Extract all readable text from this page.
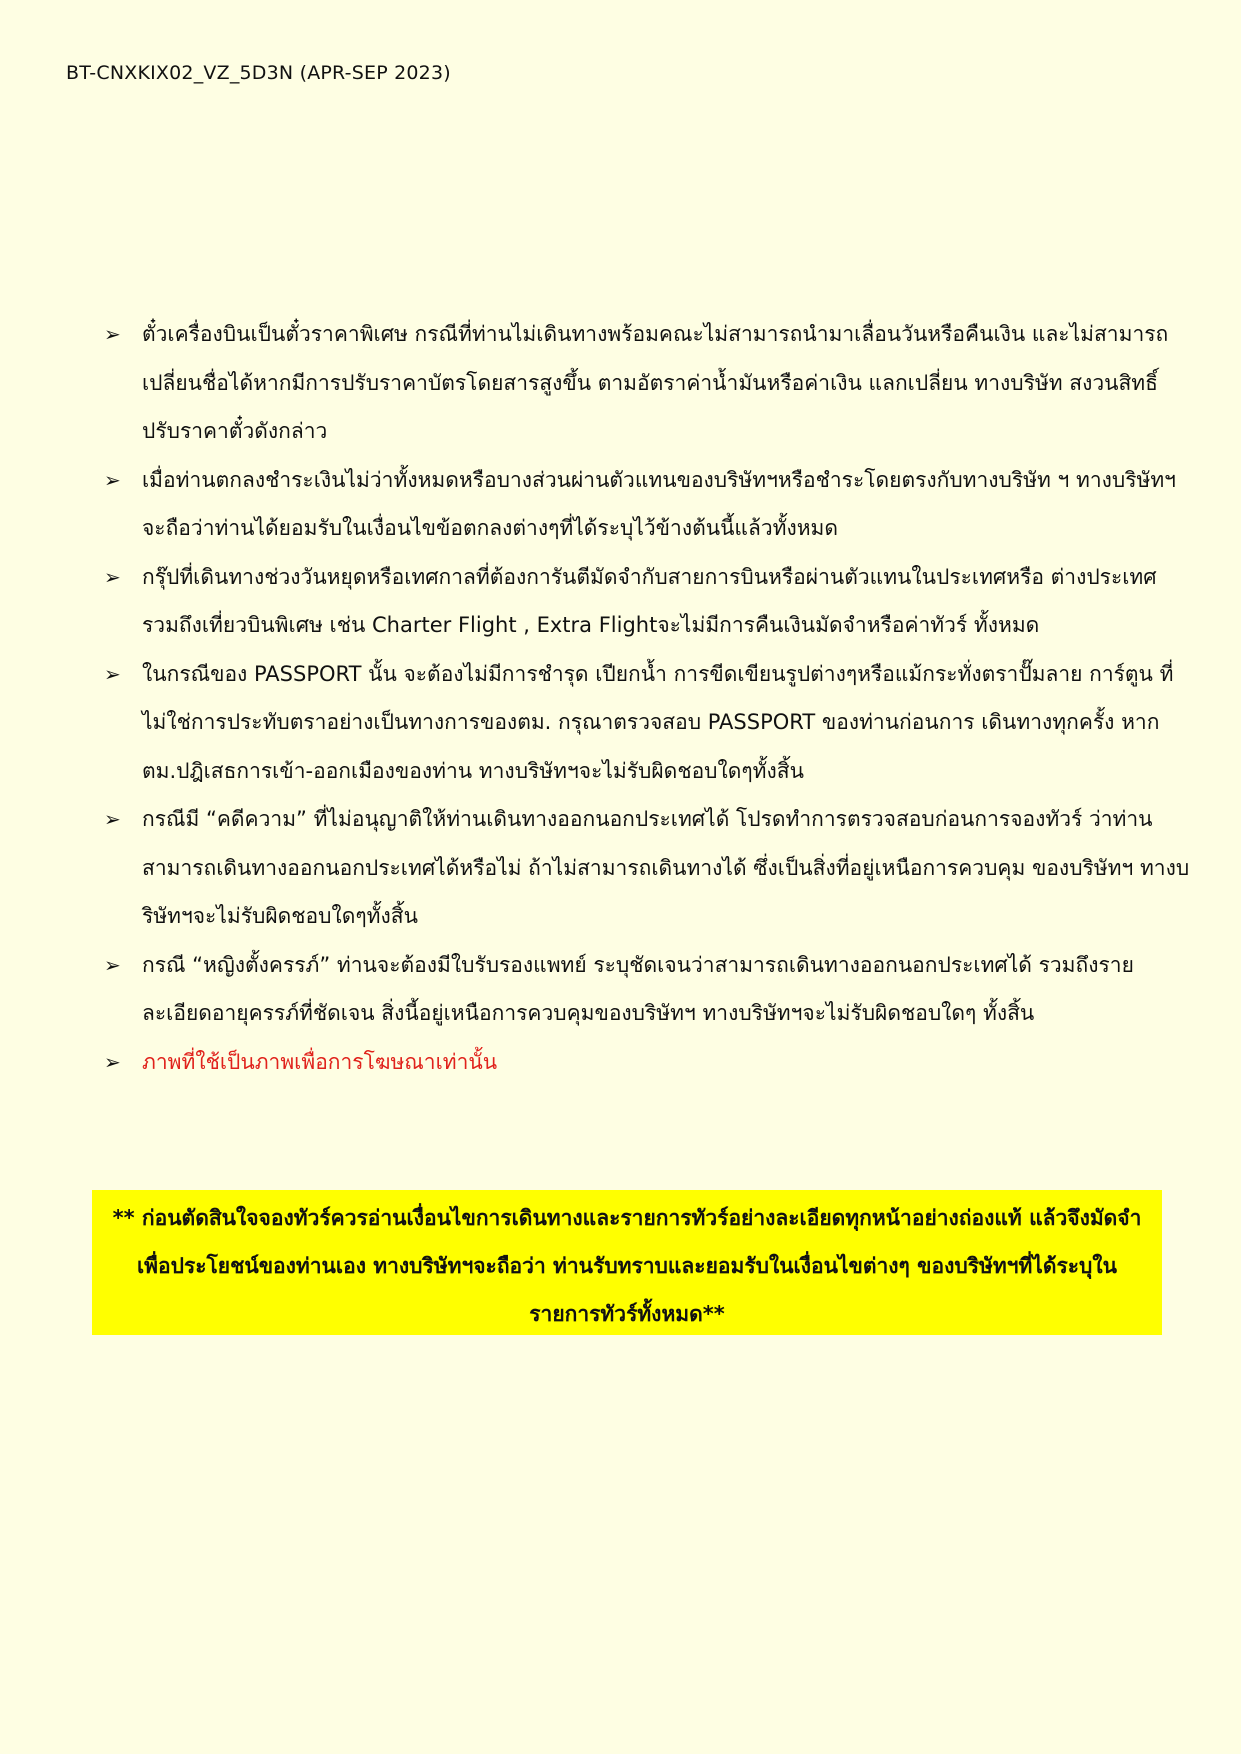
BT-CNXKIX02_VZ_5D3N (APR-SEP 2023)
➢ ตั๋วเครื่องบินเป็นตั๋วราคาพิเศษ กรณีที่ท่านไม่เดินทางพร้อมคณะไม่สามารถนำมาเลื่อนวันหรือคืนเงิน และไม่สามารถเปลี่ยนชื่อได้หากมีการปรับราคาบัตรโดยสารสูงขึ้น ตามอัตราค่าน้ำมันหรือค่าเงิน แลกเปลี่ยน ทางบริษัท สงวนสิทธิ์ปรับราคาตั๋วดังกล่าว
➢ เมื่อท่านตกลงชำระเงินไม่ว่าทั้งหมดหรือบางส่วนผ่านตัวแทนของบริษัทฯหรือชำระโดยตรงกับทางบริษัท ฯ ทางบริษัทฯจะถือว่าท่านได้ยอมรับในเงื่อนไขข้อตกลงต่างๆที่ได้ระบุไว้ข้างต้นนี้แล้วทั้งหมด
➢ กรุ๊ปที่เดินทางช่วงวันหยุดหรือเทศกาลที่ต้องการันตีมัดจำกับสายการบินหรือผ่านตัวแทนในประเทศหรือ ต่างประเทศ รวมถึงเที่ยวบินพิเศษ เช่น Charter Flight , Extra Flightจะไม่มีการคืนเงินมัดจำหรือค่าทัวร์ ทั้งหมด
➢ ในกรณีของ PASSPORT นั้น จะต้องไม่มีการชำรุด เปียกน้ำ การขีดเขียนรูปต่างๆหรือแม้กระทั่งตราปั๊มลาย การ์ตูน ที่ไม่ใช่การประทับตราอย่างเป็นทางการของตม. กรุณาตรวจสอบ PASSPORT ของท่านก่อนการ เดินทางทุกครั้ง หาก ตม.ปฎิเสธการเข้า-ออกเมืองของท่าน ทางบริษัทฯจะไม่รับผิดชอบใดๆทั้งสิ้น
➢ กรณีมี “คดีความ” ที่ไม่อนุญาติให้ท่านเดินทางออกนอกประเทศได้ โปรดทำการตรวจสอบก่อนการจองทัวร์ ว่าท่านสามารถเดินทางออกนอกประเทศได้หรือไม่ ถ้าไม่สามารถเดินทางได้ ซึ่งเป็นสิ่งที่อยู่เหนือการควบคุม ของบริษัทฯ ทางบริษัทฯจะไม่รับผิดชอบใดๆทั้งสิ้น
➢ กรณี “หญิงตั้งครรภ์” ท่านจะต้องมีใบรับรองแพทย์ ระบุชัดเจนว่าสามารถเดินทางออกนอกประเทศได้ รวมถึงรายละเอียดอายุครรภ์ที่ชัดเจน สิ่งนี้อยู่เหนือการควบคุมของบริษัทฯ ทางบริษัทฯจะไม่รับผิดชอบใดๆ ทั้งสิ้น
➢ ภาพที่ใช้เป็นภาพเพื่อการโฆษณาเท่านั้น
** ก่อนตัดสินใจจองทัวร์ควรอ่านเงื่อนไขการเดินทางและรายการทัวร์อย่างละเอียดทุกหน้าอย่างถ่องแท้ แล้วจึงมัดจำเพื่อประโยชน์ของท่านเอง ทางบริษัทฯจะถือว่า ท่านรับทราบและยอมรับในเงื่อนไขต่างๆ ของบริษัทฯที่ได้ระบุในรายการทัวร์ทั้งหมด**
